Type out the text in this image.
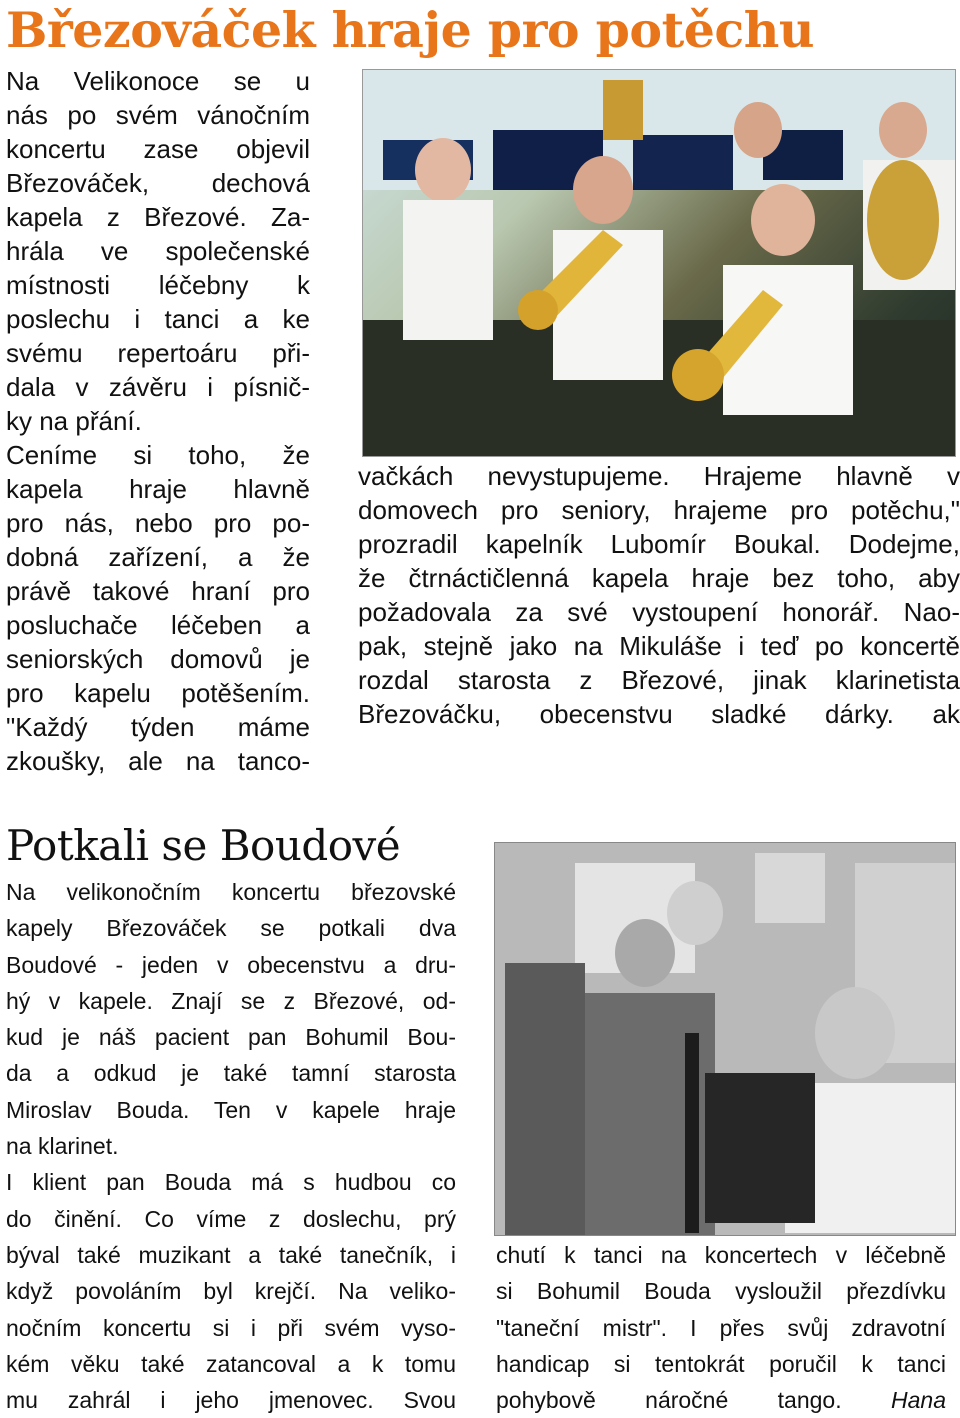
Březováček hraje pro potěchu
Na Velikonoce se u
nás po svém vánočním
koncertu zase objevil
Březováček, dechová
kapela z Březové. Za-
hrála ve společenské
místnosti léčebny k
poslechu i tanci a ke
svému repertoáru při-
dala v závěru i písnič-
ky na přání.
Ceníme si toho, že
kapela hraje hlavně
pro nás, nebo pro po-
dobná zařízení, a že
právě takové hraní pro
posluchače léčeben a
seniorských domovů je
pro kapelu potěšením.
"Každý týden máme
zkoušky, ale na tanco-
vačkách nevystupujeme. Hrajeme hlavně v
domovech pro seniory, hrajeme pro potěchu,"
prozradil kapelník Lubomír Boukal. Dodejme,
že čtrnáctičlenná kapela hraje bez toho, aby
požadovala za své vystoupení honorář. Nao-
pak, stejně jako na Mikuláše i teď po koncertě
rozdal starosta z Březové, jinak klarinetista
Březováčku, obecenstvu sladké dárky. ak
Potkali se Boudové
Na velikonočním koncertu březovské
kapely Březováček se potkali dva
Boudové - jeden v obecenstvu a dru-
hý v kapele. Znají se z Březové, od-
kud je náš pacient pan Bohumil Bou-
da a odkud je také tamní starosta
Miroslav Bouda. Ten v kapele hraje
na klarinet.
I klient pan Bouda má s hudbou co
do činění. Co víme z doslechu, prý
býval také muzikant a také tanečník, i
když povoláním byl krejčí. Na veliko-
nočním koncertu si i při svém vyso-
kém věku také zatancoval a k tomu
mu zahrál i jeho jmenovec. Svou
chutí k tanci na koncertech v léčebně
si Bohumil Bouda vysloužil přezdívku
"taneční mistr". I přes svůj zdravotní
handicap si tentokrát poručil k tanci
pohybově náročné tango. Hana
